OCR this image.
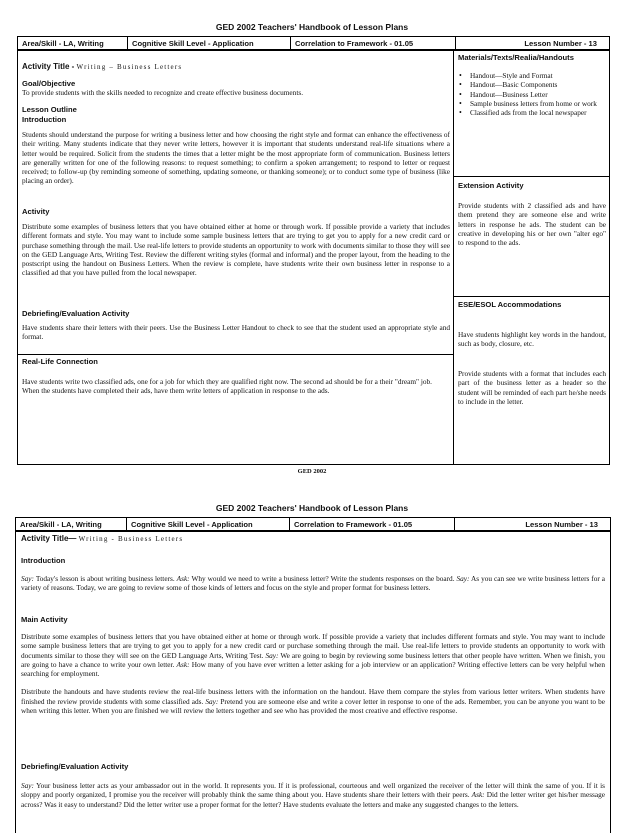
GED 2002 Teachers' Handbook of Lesson Plans
Area/Skill - LA, Writing	Cognitive Skill Level - Application	Correlation to Framework - 01.05	Lesson Number - 13
Activity Title - Writing – Business Letters
Goal/Objective
To provide students with the skills needed to recognize and create effective business documents.
Lesson Outline
Introduction
Students should understand the purpose for writing a business letter and how choosing the right style and format can enhance the effectiveness of their writing. Many students indicate that they never write letters, however it is important that students understand real-life situations where a letter would be required. Solicit from the students the times that a letter might be the most appropriate form of communication. Business letters are generally written for one of the following reasons: to request something; to confirm a spoken arrangement; to respond to letter or request received; to follow-up (by reminding someone of something, updating someone, or thanking someone); or to conduct some type of business (like placing an order).
Activity
Distribute some examples of business letters that you have obtained either at home or through work. If possible provide a variety that includes different formats and style. You may want to include some sample business letters that are trying to get you to apply for a new credit card or purchase something through the mail. Use real-life letters to provide students an opportunity to work with documents similar to those they will see on the GED Language Arts, Writing Test. Review the different writing styles (formal and informal) and the proper layout, from the heading to the postscript using the handout on Business Letters. When the review is complete, have students write their own business letter in response to a classified ad that you have pulled from the local newspaper.
Debriefing/Evaluation Activity
Have students share their letters with their peers. Use the Business Letter Handout to check to see that the student used an appropriate style and format.
Real-Life Connection
Have students write two classified ads, one for a job for which they are qualified right now. The second ad should be for a their "dream" job. When the students have completed their ads, have them write letters of application in response to the ads.
Materials/Texts/Realia/Handouts
• Handout—Style and Format
• Handout—Basic Components
• Handout—Business Letter
• Sample business letters from home or work
• Classified ads from the local newspaper
Extension Activity
Provide students with 2 classified ads and have them pretend they are someone else and write letters in response he ads. The student can be creative in developing his or her own "alter ego" to respond to the ads.
ESE/ESOL Accommodations
Have students highlight key words in the handout, such as body, closure, etc.
Provide students with a format that includes each part of the business letter as a header so the student will be reminded of each part he/she needs to include in the letter.
GED 2002
GED 2002 Teachers' Handbook of Lesson Plans
Area/Skill - LA, Writing	Cognitive Skill Level - Application	Correlation to Framework - 01.05	Lesson Number - 13
Activity Title— Writing - Business Letters
Introduction
Say: Today's lesson is about writing business letters. Ask: Why would we need to write a business letter? Write the students responses on the board. Say: As you can see we write business letters for a variety of reasons. Today, we are going to review some of those kinds of letters and focus on the style and proper format for business letters.
Main Activity

Distribute some examples of business letters that you have obtained either at home or through work. If possible provide a variety that includes different formats and style. You may want to include some sample business letters that are trying to get you to apply for a new credit card or purchase something through the mail. Use real-life letters to provide students an opportunity to work with documents similar to those they will see on the GED Language Arts, Writing Test. Say: We are going to begin by reviewing some business letters that other people have written. When we finish, you are going to have a chance to write your own letter. Ask: How many of you have ever written a letter asking for a job interview or an application? Writing effective letters can be very helpful when searching for employment.

Distribute the handouts and have students review the real-life business letters with the information on the handout. Have them compare the styles from various letter writers. When students have finished the review provide students with some classified ads. Say: Pretend you are someone else and write a cover letter in response to one of the ads. Remember, you can be anyone you want to be when writing this letter. When you are finished we will review the letters together and see who has provided the most creative and effective response.

Debriefing/Evaluation Activity
Say: Your business letter acts as your ambassador out in the world. It represents you. If it is professional, courteous and well organized the receiver of the letter will think the same of you. If it is sloppy and poorly organized, I promise you the receiver will probably think the same thing about you. Have students share their letters with their peers. Ask: Did the letter writer get his/her message across? Was it easy to understand? Did the letter writer use a proper format for the letter? Have students evaluate the letters and make any suggested changes to the letters.
